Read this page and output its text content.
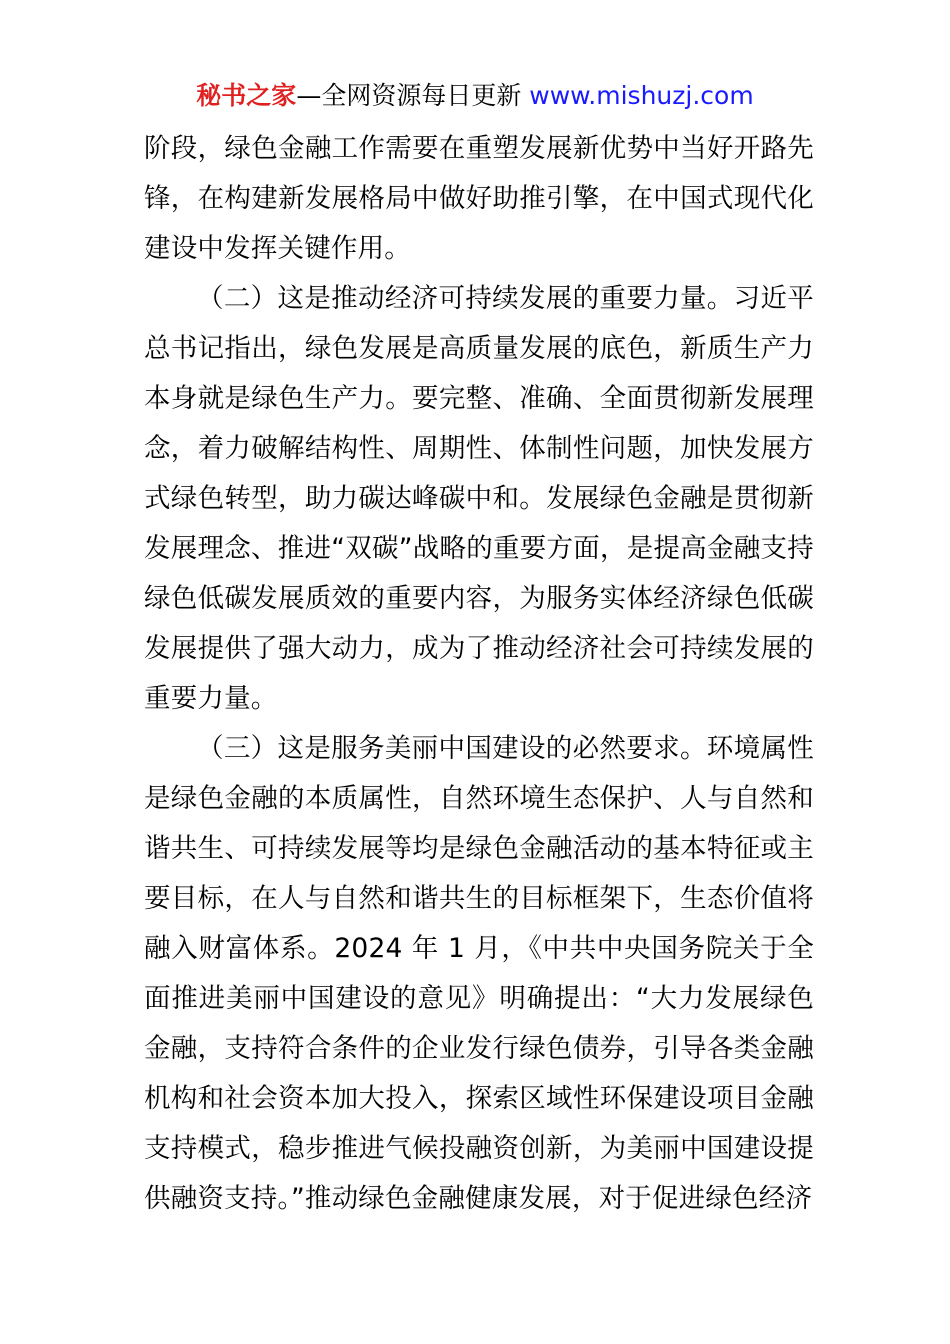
秘书之家—全网资源每日更新 www.mishuzj.com

阶段，绿色金融工作需要在重塑发展新优势中当好开路先锋，在构建新发展格局中做好助推引擎，在中国式现代化建设中发挥关键作用。

（二）这是推动经济可持续发展的重要力量。习近平总书记指出，绿色发展是高质量发展的底色，新质生产力本身就是绿色生产力。要完整、准确、全面贯彻新发展理念，着力破解结构性、周期性、体制性问题，加快发展方式绿色转型，助力碳达峰碳中和。发展绿色金融是贯彻新发展理念、推进“双碳”战略的重要方面，是提高金融支持绿色低碳发展质效的重要内容，为服务实体经济绿色低碳发展提供了强大动力，成为了推动经济社会可持续发展的重要力量。

（三）这是服务美丽中国建设的必然要求。环境属性是绿色金融的本质属性，自然环境生态保护、人与自然和谐共生、可持续发展等均是绿色金融活动的基本特征或主要目标，在人与自然和谐共生的目标框架下，生态价值将融入财富体系。2024 年 1 月，《中共中央国务院关于全面推进美丽中国建设的意见》明确提出：“大力发展绿色金融，支持符合条件的企业发行绿色债券，引导各类金融机构和社会资本加大投入，探索区域性环保建设项目金融支持模式，稳步推进气候投融资创新，为美丽中国建设提供融资支持。”推动绿色金融健康发展，对于促进绿色经济
